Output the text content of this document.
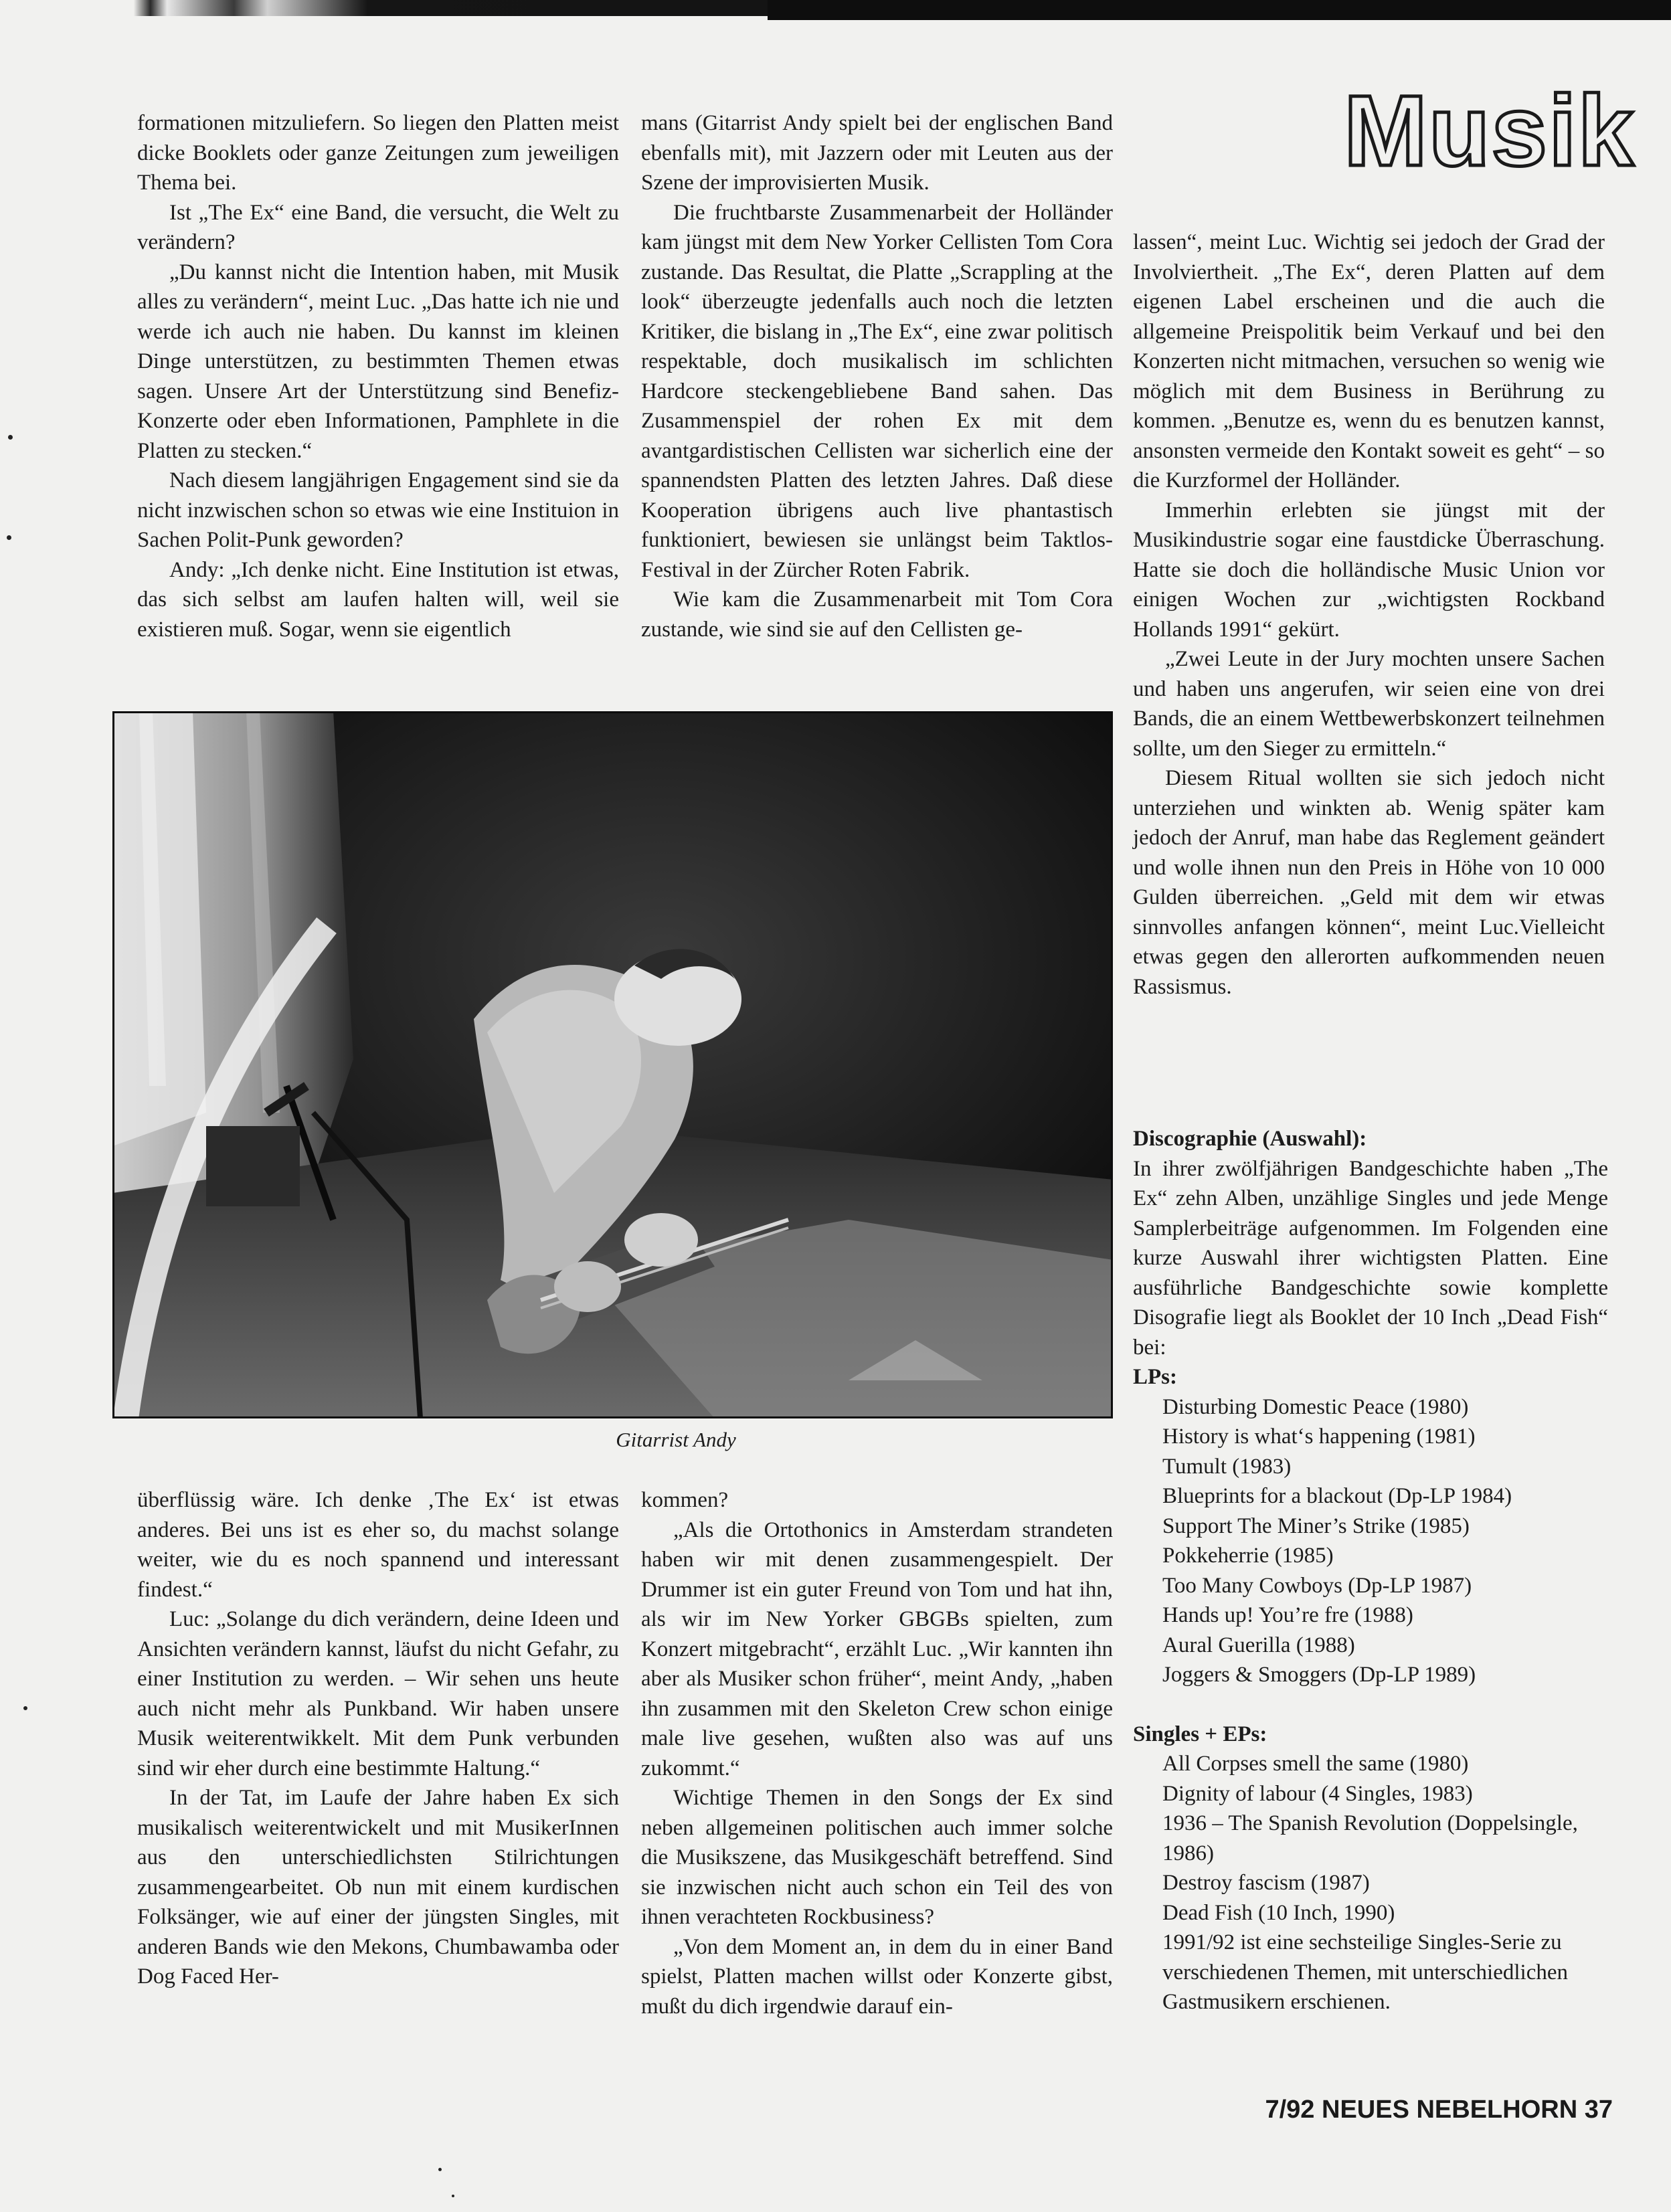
Musik

formationen mitzuliefern. So liegen den Platten meist dicke Booklets oder ganze Zeitungen zum jeweiligen Thema bei.

Ist „The Ex“ eine Band, die versucht, die Welt zu verändern?

„Du kannst nicht die Intention haben, mit Musik alles zu verändern“, meint Luc. „Das hatte ich nie und werde ich auch nie haben. Du kannst im kleinen Dinge unterstützen, zu bestimmten Themen etwas sagen. Unsere Art der Unterstützung sind Benefiz-Konzerte oder eben Informationen, Pamphlete in die Platten zu stecken.“

Nach diesem langjährigen Engagement sind sie da nicht inzwischen schon so etwas wie eine Instituion in Sachen Polit-Punk geworden?

Andy: „Ich denke nicht. Eine Institution ist etwas, das sich selbst am laufen halten will, weil sie existieren muß. Sogar, wenn sie eigentlich

mans (Gitarrist Andy spielt bei der englischen Band ebenfalls mit), mit Jazzern oder mit Leuten aus der Szene der improvisierten Musik.

Die fruchtbarste Zusammenarbeit der Holländer kam jüngst mit dem New Yorker Cellisten Tom Cora zustande. Das Resultat, die Platte „Scrappling at the look“ überzeugte jedenfalls auch noch die letzten Kritiker, die bislang in „The Ex“, eine zwar politisch respektable, doch musikalisch im schlichten Hardcore steckengebliebene Band sahen. Das Zusammenspiel der rohen Ex mit dem avantgardistischen Cellisten war sicherlich eine der spannendsten Platten des letzten Jahres. Daß diese Kooperation übrigens auch live phantastisch funktioniert, bewiesen sie unlängst beim Taktlos-Festival in der Zürcher Roten Fabrik.

Wie kam die Zusammenarbeit mit Tom Cora zustande, wie sind sie auf den Cellisten ge-

lassen“, meint Luc. Wichtig sei jedoch der Grad der Involviertheit. „The Ex“, deren Platten auf dem eigenen Label erscheinen und die auch die allgemeine Preispolitik beim Verkauf und bei den Konzerten nicht mitmachen, versuchen so wenig wie möglich mit dem Business in Berührung zu kommen. „Benutze es, wenn du es benutzen kannst, ansonsten vermeide den Kontakt soweit es geht“ – so die Kurzformel der Holländer.

Immerhin erlebten sie jüngst mit der Musikindustrie sogar eine faustdicke Überraschung. Hatte sie doch die holländische Music Union vor einigen Wochen zur „wichtigsten Rockband Hollands 1991“ gekürt.

„Zwei Leute in der Jury mochten unsere Sachen und haben uns angerufen, wir seien eine von drei Bands, die an einem Wettbewerbskonzert teilnehmen sollte, um den Sieger zu ermitteln.“

Diesem Ritual wollten sie sich jedoch nicht unterziehen und winkten ab. Wenig später kam jedoch der Anruf, man habe das Reglement geändert und wolle ihnen nun den Preis in Höhe von 10 000 Gulden überreichen. „Geld mit dem wir etwas sinnvolles anfangen können“, meint Luc.Vielleicht etwas gegen den allerorten aufkommenden neuen Rassismus.

Gitarrist Andy

überflüssig wäre. Ich denke ‚The Ex‘ ist etwas anderes. Bei uns ist es eher so, du machst solange weiter, wie du es noch spannend und interessant findest.“

Luc: „Solange du dich verändern, deine Ideen und Ansichten verändern kannst, läufst du nicht Gefahr, zu einer Institution zu werden. – Wir sehen uns heute auch nicht mehr als Punkband. Wir haben unsere Musik weiterentwikkelt. Mit dem Punk verbunden sind wir eher durch eine bestimmte Haltung.“

In der Tat, im Laufe der Jahre haben Ex sich musikalisch weiterentwickelt und mit MusikerInnen aus den unterschiedlichsten Stilrichtungen zusammengearbeitet. Ob nun mit einem kurdischen Folksänger, wie auf einer der jüngsten Singles, mit anderen Bands wie den Mekons, Chumbawamba oder Dog Faced Her-

kommen?

„Als die Ortothonics in Amsterdam strandeten haben wir mit denen zusammengespielt. Der Drummer ist ein guter Freund von Tom und hat ihn, als wir im New Yorker GBGBs spielten, zum Konzert mitgebracht“, erzählt Luc. „Wir kannten ihn aber als Musiker schon früher“, meint Andy, „haben ihn zusammen mit den Skeleton Crew schon einige male live gesehen, wußten also was auf uns zukommt.“

Wichtige Themen in den Songs der Ex sind neben allgemeinen politischen auch immer solche die Musikszene, das Musikgeschäft betreffend. Sind sie inzwischen nicht auch schon ein Teil des von ihnen verachteten Rockbusiness?

„Von dem Moment an, in dem du in einer Band spielst, Platten machen willst oder Konzerte gibst, mußt du dich irgendwie darauf ein-

Discographie (Auswahl):

In ihrer zwölfjährigen Bandgeschichte haben „The Ex“ zehn Alben, unzählige Singles und jede Menge Samplerbeiträge aufgenommen. Im Folgenden eine kurze Auswahl ihrer wichtigsten Platten. Eine ausführliche Bandgeschichte sowie komplette Disografie liegt als Booklet der 10 Inch „Dead Fish“ bei:

LPs:

Disturbing Domestic Peace (1980)
History is what‘s happening (1981)
Tumult (1983)
Blueprints for a blackout (Dp-LP 1984)
Support The Miner’s Strike (1985)
Pokkeherrie (1985)
Too Many Cowboys (Dp-LP 1987)
Hands up! You’re fre (1988)
Aural Guerilla (1988)
Joggers & Smoggers (Dp-LP 1989)

Singles + EPs:

All Corpses smell the same (1980)
Dignity of labour (4 Singles, 1983)
1936 – The Spanish Revolution (Doppelsingle, 1986)
Destroy fascism (1987)
Dead Fish (10 Inch, 1990)
1991/92 ist eine sechsteilige Singles-Serie zu verschiedenen Themen, mit unterschiedlichen Gastmusikern erschienen.
7/92 NEUES NEBELHORN 37
